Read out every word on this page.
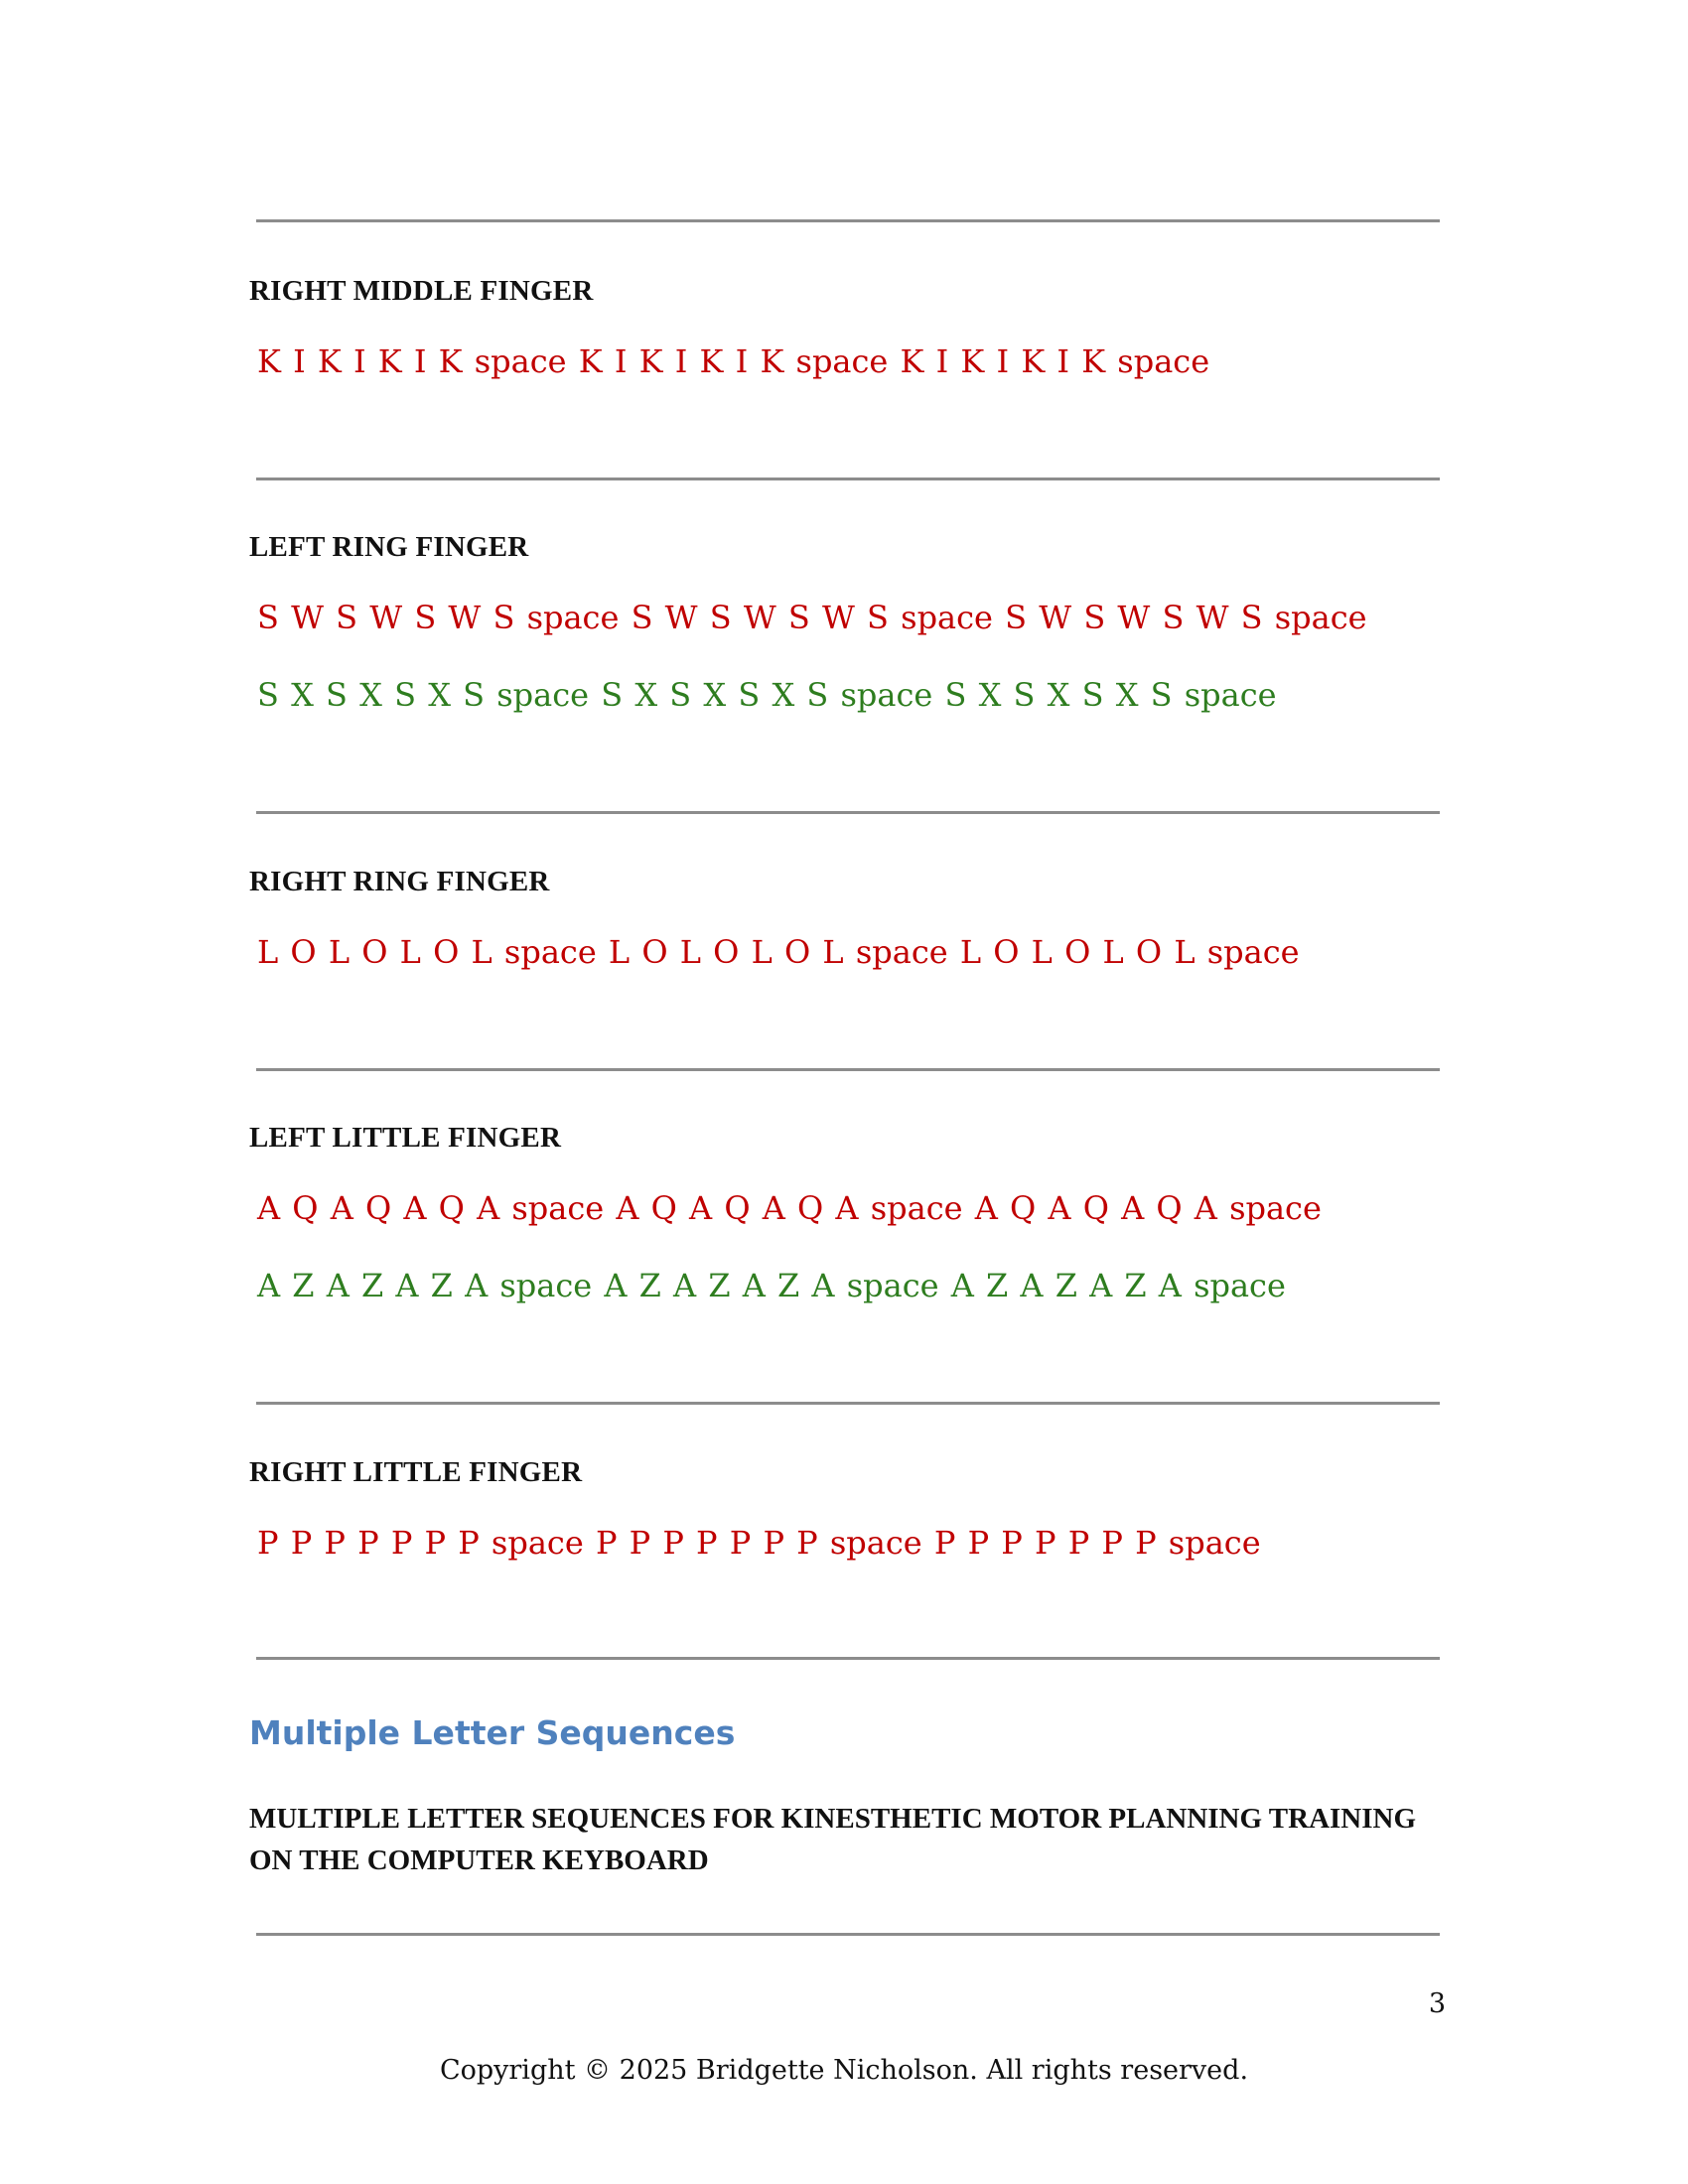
RIGHT MIDDLE FINGER
K I K I K I K space K I K I K I K space K I K I K I K space
LEFT RING FINGER
S W S W S W S space S W S W S W S space S W S W S W S space
S X S X S X S space S X S X S X S space S X S X S X S space
RIGHT RING FINGER
L O L O L O L space L O L O L O L space L O L O L O L space
LEFT LITTLE FINGER
A Q A Q A Q A space A Q A Q A Q A space A Q A Q A Q A space
A Z A Z A Z A space A Z A Z A Z A space A Z A Z A Z A space
RIGHT LITTLE FINGER
P P P P P P P space P P P P P P P space P P P P P P P space
Multiple Letter Sequences
MULTIPLE LETTER SEQUENCES FOR KINESTHETIC MOTOR PLANNING TRAINING ON THE COMPUTER KEYBOARD
3
Copyright © 2025 Bridgette Nicholson. All rights reserved.
